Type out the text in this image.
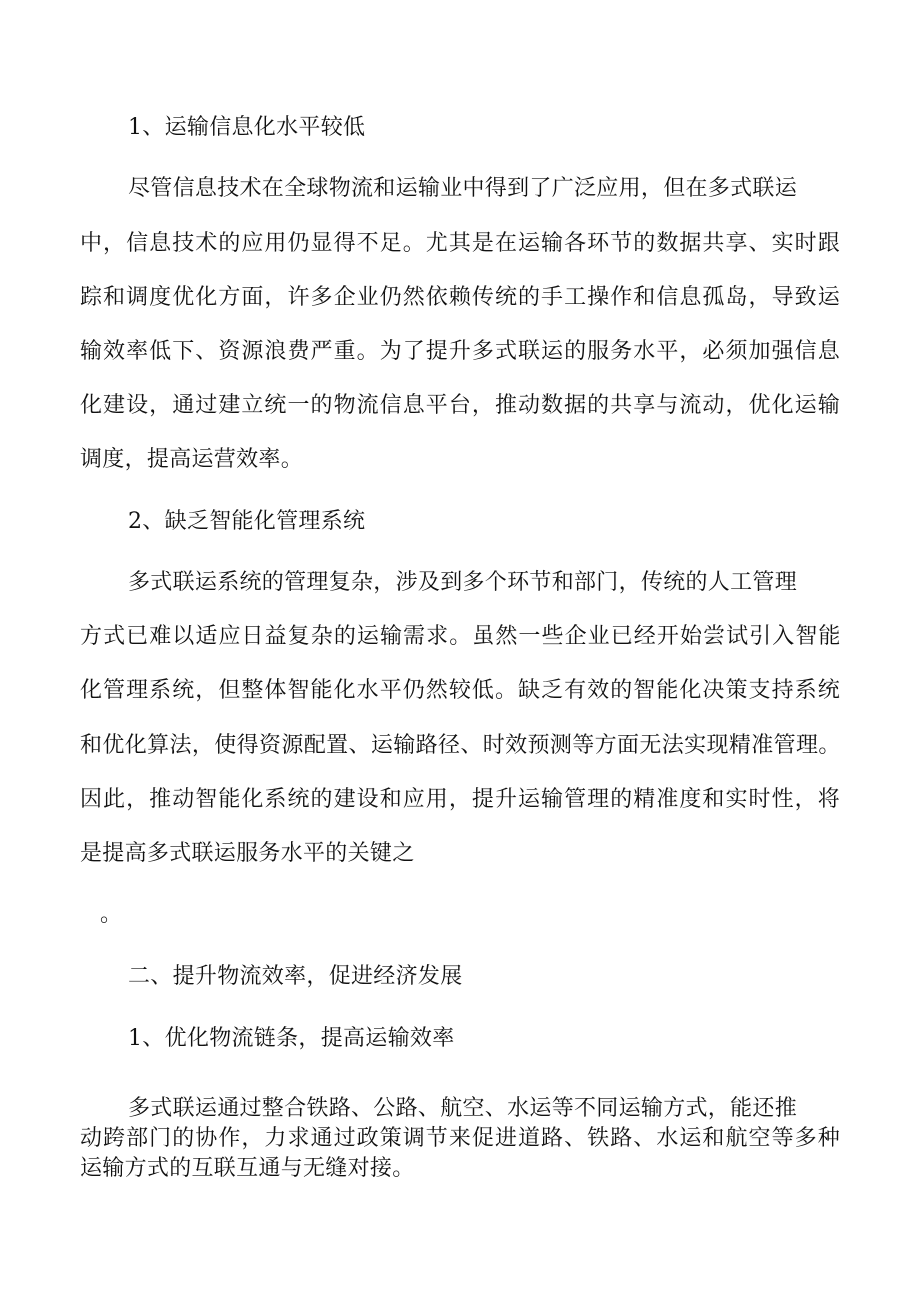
1、运输信息化水平较低
尽管信息技术在全球物流和运输业中得到了广泛应用，但在多式联运
中，信息技术的应用仍显得不足。尤其是在运输各环节的数据共享、实时跟
踪和调度优化方面，许多企业仍然依赖传统的手工操作和信息孤岛，导致运
输效率低下、资源浪费严重。为了提升多式联运的服务水平，必须加强信息
化建设，通过建立统一的物流信息平台，推动数据的共享与流动，优化运输
调度，提高运营效率。
2、缺乏智能化管理系统
多式联运系统的管理复杂，涉及到多个环节和部门，传统的人工管理
方式已难以适应日益复杂的运输需求。虽然一些企业已经开始尝试引入智能
化管理系统，但整体智能化水平仍然较低。缺乏有效的智能化决策支持系统
和优化算法，使得资源配置、运输路径、时效预测等方面无法实现精准管理。
因此，推动智能化系统的建设和应用，提升运输管理的精准度和实时性，将
是提高多式联运服务水平的关键之
。
二、提升物流效率，促进经济发展
1、优化物流链条，提高运输效率
多式联运通过整合铁路、公路、航空、水运等不同运输方式，能还推
动跨部门的协作，力求通过政策调节来促进道路、铁路、水运和航空等多种
运输方式的互联互通与无缝对接。
